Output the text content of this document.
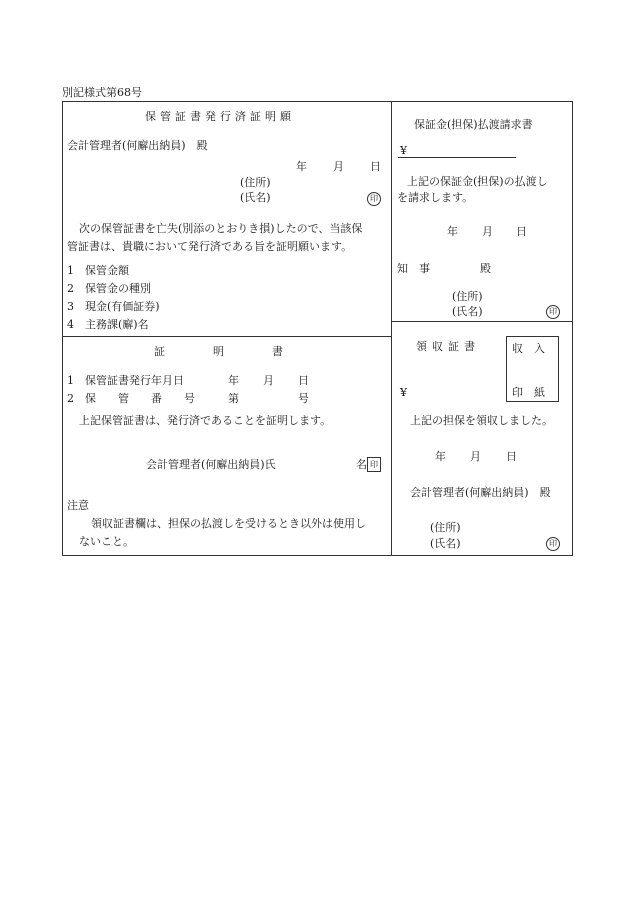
別記様式第68号
保管証書発行済証明願
会計管理者(何廨出納員)　殿
年 月 日
(住所)
(氏名)	印
次の保管証書を亡失(別添のとおりき損)したので、当該保
管証書は、貴職において発行済である旨を証明願います。
1 保管金額
2 保管金の種別
3 現金(有価証券)
4 主務課(廨)名
証明書
1 保管証書発行年月日	年 月 日
2 保管番号 第	号
上記保管証書は、発行済であることを証明します。
会計管理者(何廨出納員)氏	名 印
注意
領収証書欄は、担保の払渡しを受けるとき以外は使用し
ないこと。
保証金(担保)払渡請求書
¥
上記の保証金(担保)の払渡し
を請求します。
年 月 日
知　事	殿
(住所)
(氏名)	印
領収証書	収　入
印　紙
¥
上記の担保を領収しました。
年 月 日
会計管理者(何廨出納員)　殿
(住所)
(氏名)	印
